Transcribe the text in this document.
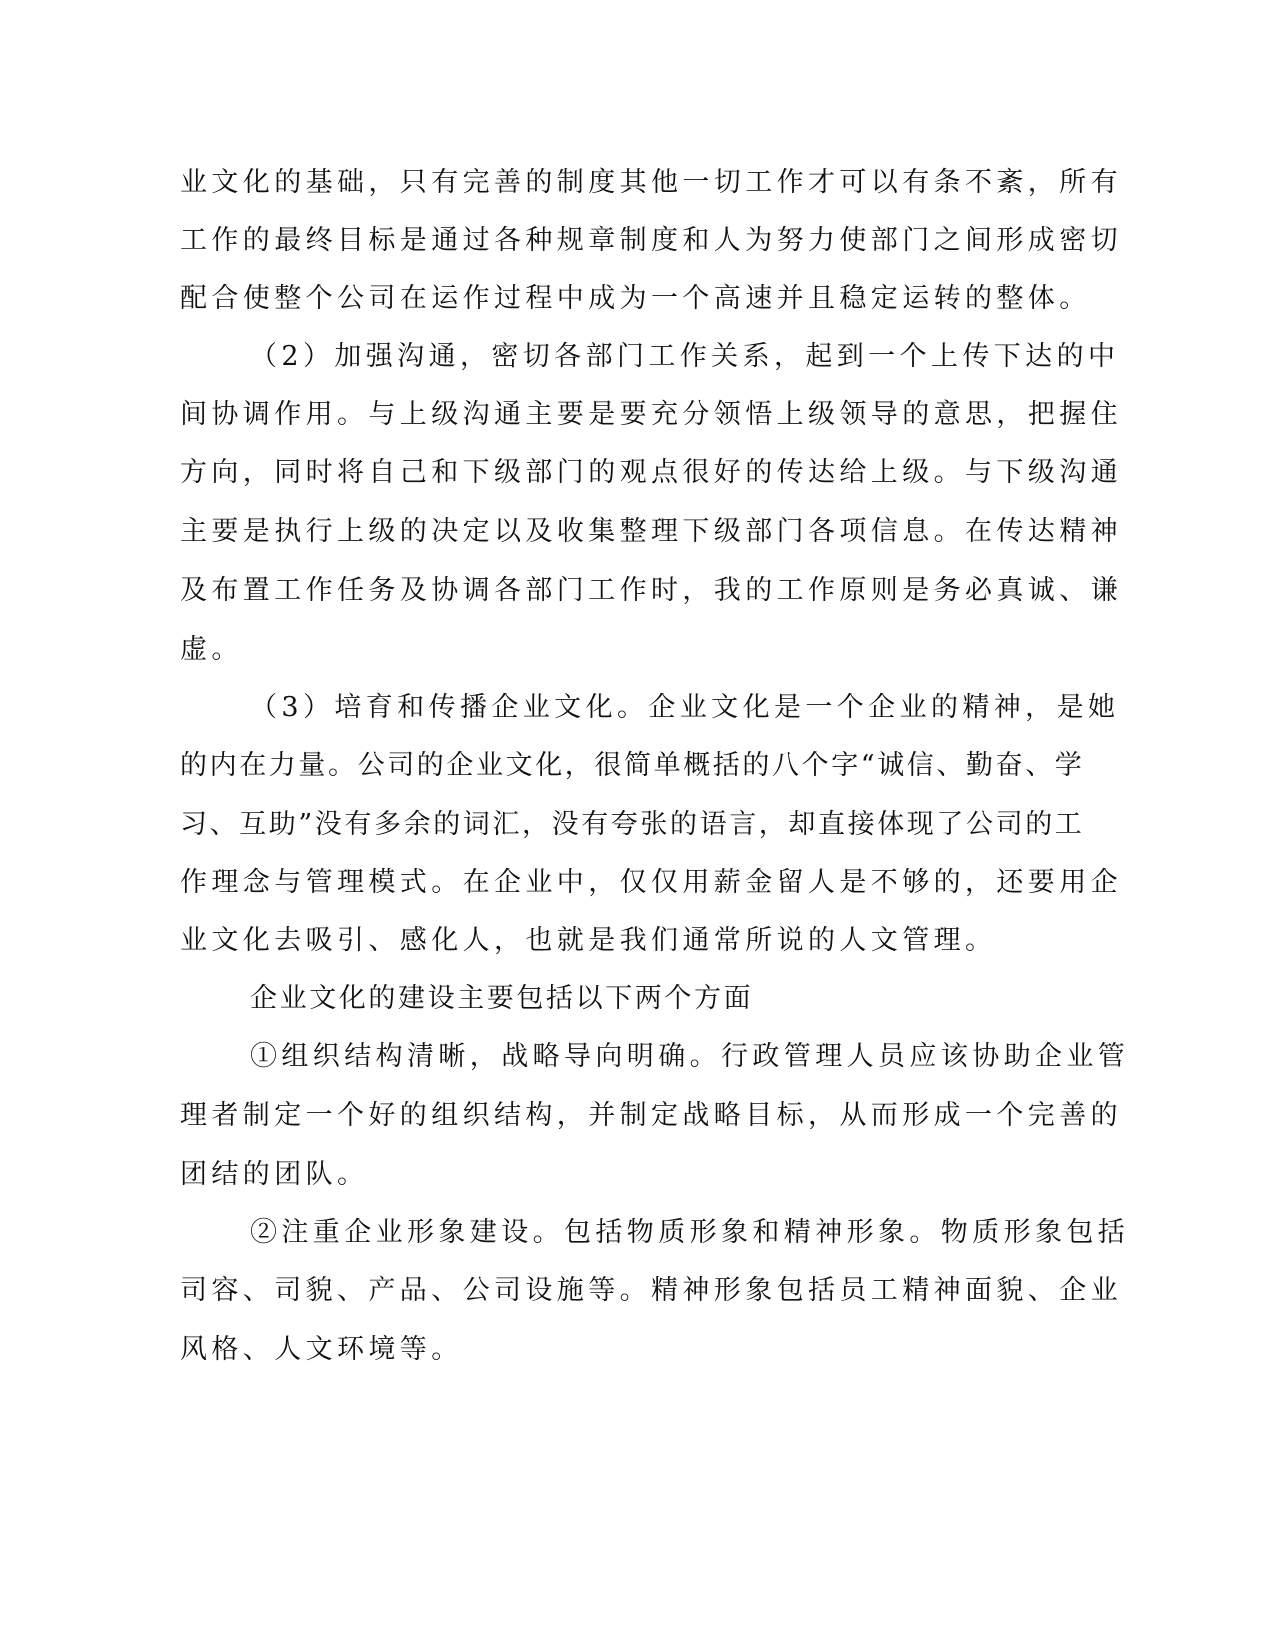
业文化的基础，只有完善的制度其他一切工作才可以有条不紊，所有

工作的最终目标是通过各种规章制度和人为努力使部门之间形成密切

配合使整个公司在运作过程中成为一个高速并且稳定运转的整体。

（2）加强沟通，密切各部门工作关系，起到一个上传下达的中

间协调作用。与上级沟通主要是要充分领悟上级领导的意思，把握住

方向，同时将自己和下级部门的观点很好的传达给上级。与下级沟通

主要是执行上级的决定以及收集整理下级部门各项信息。在传达精神

及布置工作任务及协调各部门工作时，我的工作原则是务必真诚、谦

虚。

（3）培育和传播企业文化。企业文化是一个企业的精神，是她

的内在力量。公司的企业文化，很简单概括的八个字“诚信、勤奋、学

习、互助”没有多余的词汇，没有夸张的语言，却直接体现了公司的工

作理念与管理模式。在企业中，仅仅用薪金留人是不够的，还要用企

业文化去吸引、感化人，也就是我们通常所说的人文管理。

企业文化的建设主要包括以下两个方面

①组织结构清晰，战略导向明确。行政管理人员应该协助企业管

理者制定一个好的组织结构，并制定战略目标，从而形成一个完善的

团结的团队。

②注重企业形象建设。包括物质形象和精神形象。物质形象包括

司容、司貌、产品、公司设施等。精神形象包括员工精神面貌、企业

风格、人文环境等。
